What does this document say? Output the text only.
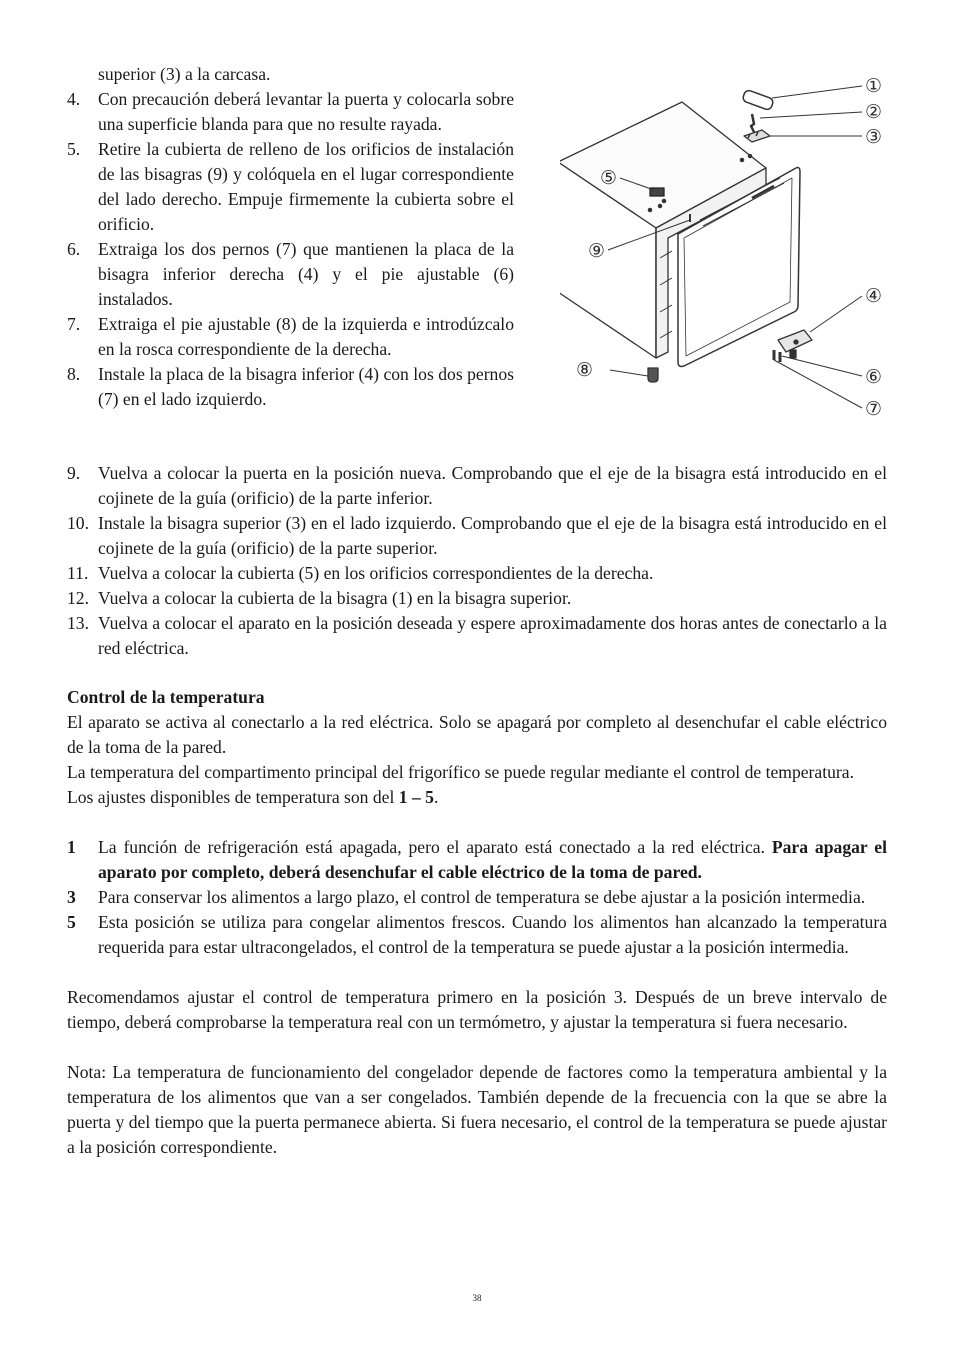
superior (3) a la carcasa.
4. Con precaución deberá levantar la puerta y colocarla sobre una superficie blanda para que no resulte rayada.
5. Retire la cubierta de relleno de los orificios de instalación de las bisagras (9) y colóquela en el lugar correspondiente del lado derecho. Empuje firmemente la cubierta sobre el orificio.
6. Extraiga los dos pernos (7) que mantienen la placa de la bisagra inferior derecha (4) y el pie ajustable (6) instalados.
7. Extraiga el pie ajustable (8) de la izquierda e introdúzcalo en la rosca correspondiente de la derecha.
8. Instale la placa de la bisagra inferior (4) con los dos pernos (7) en el lado izquierdo.
①
②
③
④
⑤
⑥
⑦
⑧
⑨
9. Vuelva a colocar la puerta en la posición nueva. Comprobando que el eje de la bisagra está introducido en el cojinete de la guía (orificio) de la parte inferior.
10. Instale la bisagra superior (3) en el lado izquierdo. Comprobando que el eje de la bisagra está introducido en el cojinete de la guía (orificio) de la parte superior.
11. Vuelva a colocar la cubierta (5) en los orificios correspondientes de la derecha.
12. Vuelva a colocar la cubierta de la bisagra (1) en la bisagra superior.
13. Vuelva a colocar el aparato en la posición deseada y espere aproximadamente dos horas antes de conectarlo a la red eléctrica.

Control de la temperatura

El aparato se activa al conectarlo a la red eléctrica. Solo se apagará por completo al desenchufar el cable eléctrico de la toma de la pared.

La temperatura del compartimento principal del frigorífico se puede regular mediante el control de temperatura.

Los ajustes disponibles de temperatura son del 1 – 5.

1 La función de refrigeración está apagada, pero el aparato está conectado a la red eléctrica. Para apagar el aparato por completo, deberá desenchufar el cable eléctrico de la toma de pared.
3 Para conservar los alimentos a largo plazo, el control de temperatura se debe ajustar a la posición intermedia.
5 Esta posición se utiliza para congelar alimentos frescos. Cuando los alimentos han alcanzado la temperatura requerida para estar ultracongelados, el control de la temperatura se puede ajustar a la posición intermedia.

Recomendamos ajustar el control de temperatura primero en la posición 3. Después de un breve intervalo de tiempo, deberá comprobarse la temperatura real con un termómetro, y ajustar la temperatura si fuera necesario.

Nota: La temperatura de funcionamiento del congelador depende de factores como la temperatura ambiental y la temperatura de los alimentos que van a ser congelados. También depende de la frecuencia con la que se abre la puerta y del tiempo que la puerta permanece abierta. Si fuera necesario, el control de la temperatura se puede ajustar a la posición correspondiente.

38
